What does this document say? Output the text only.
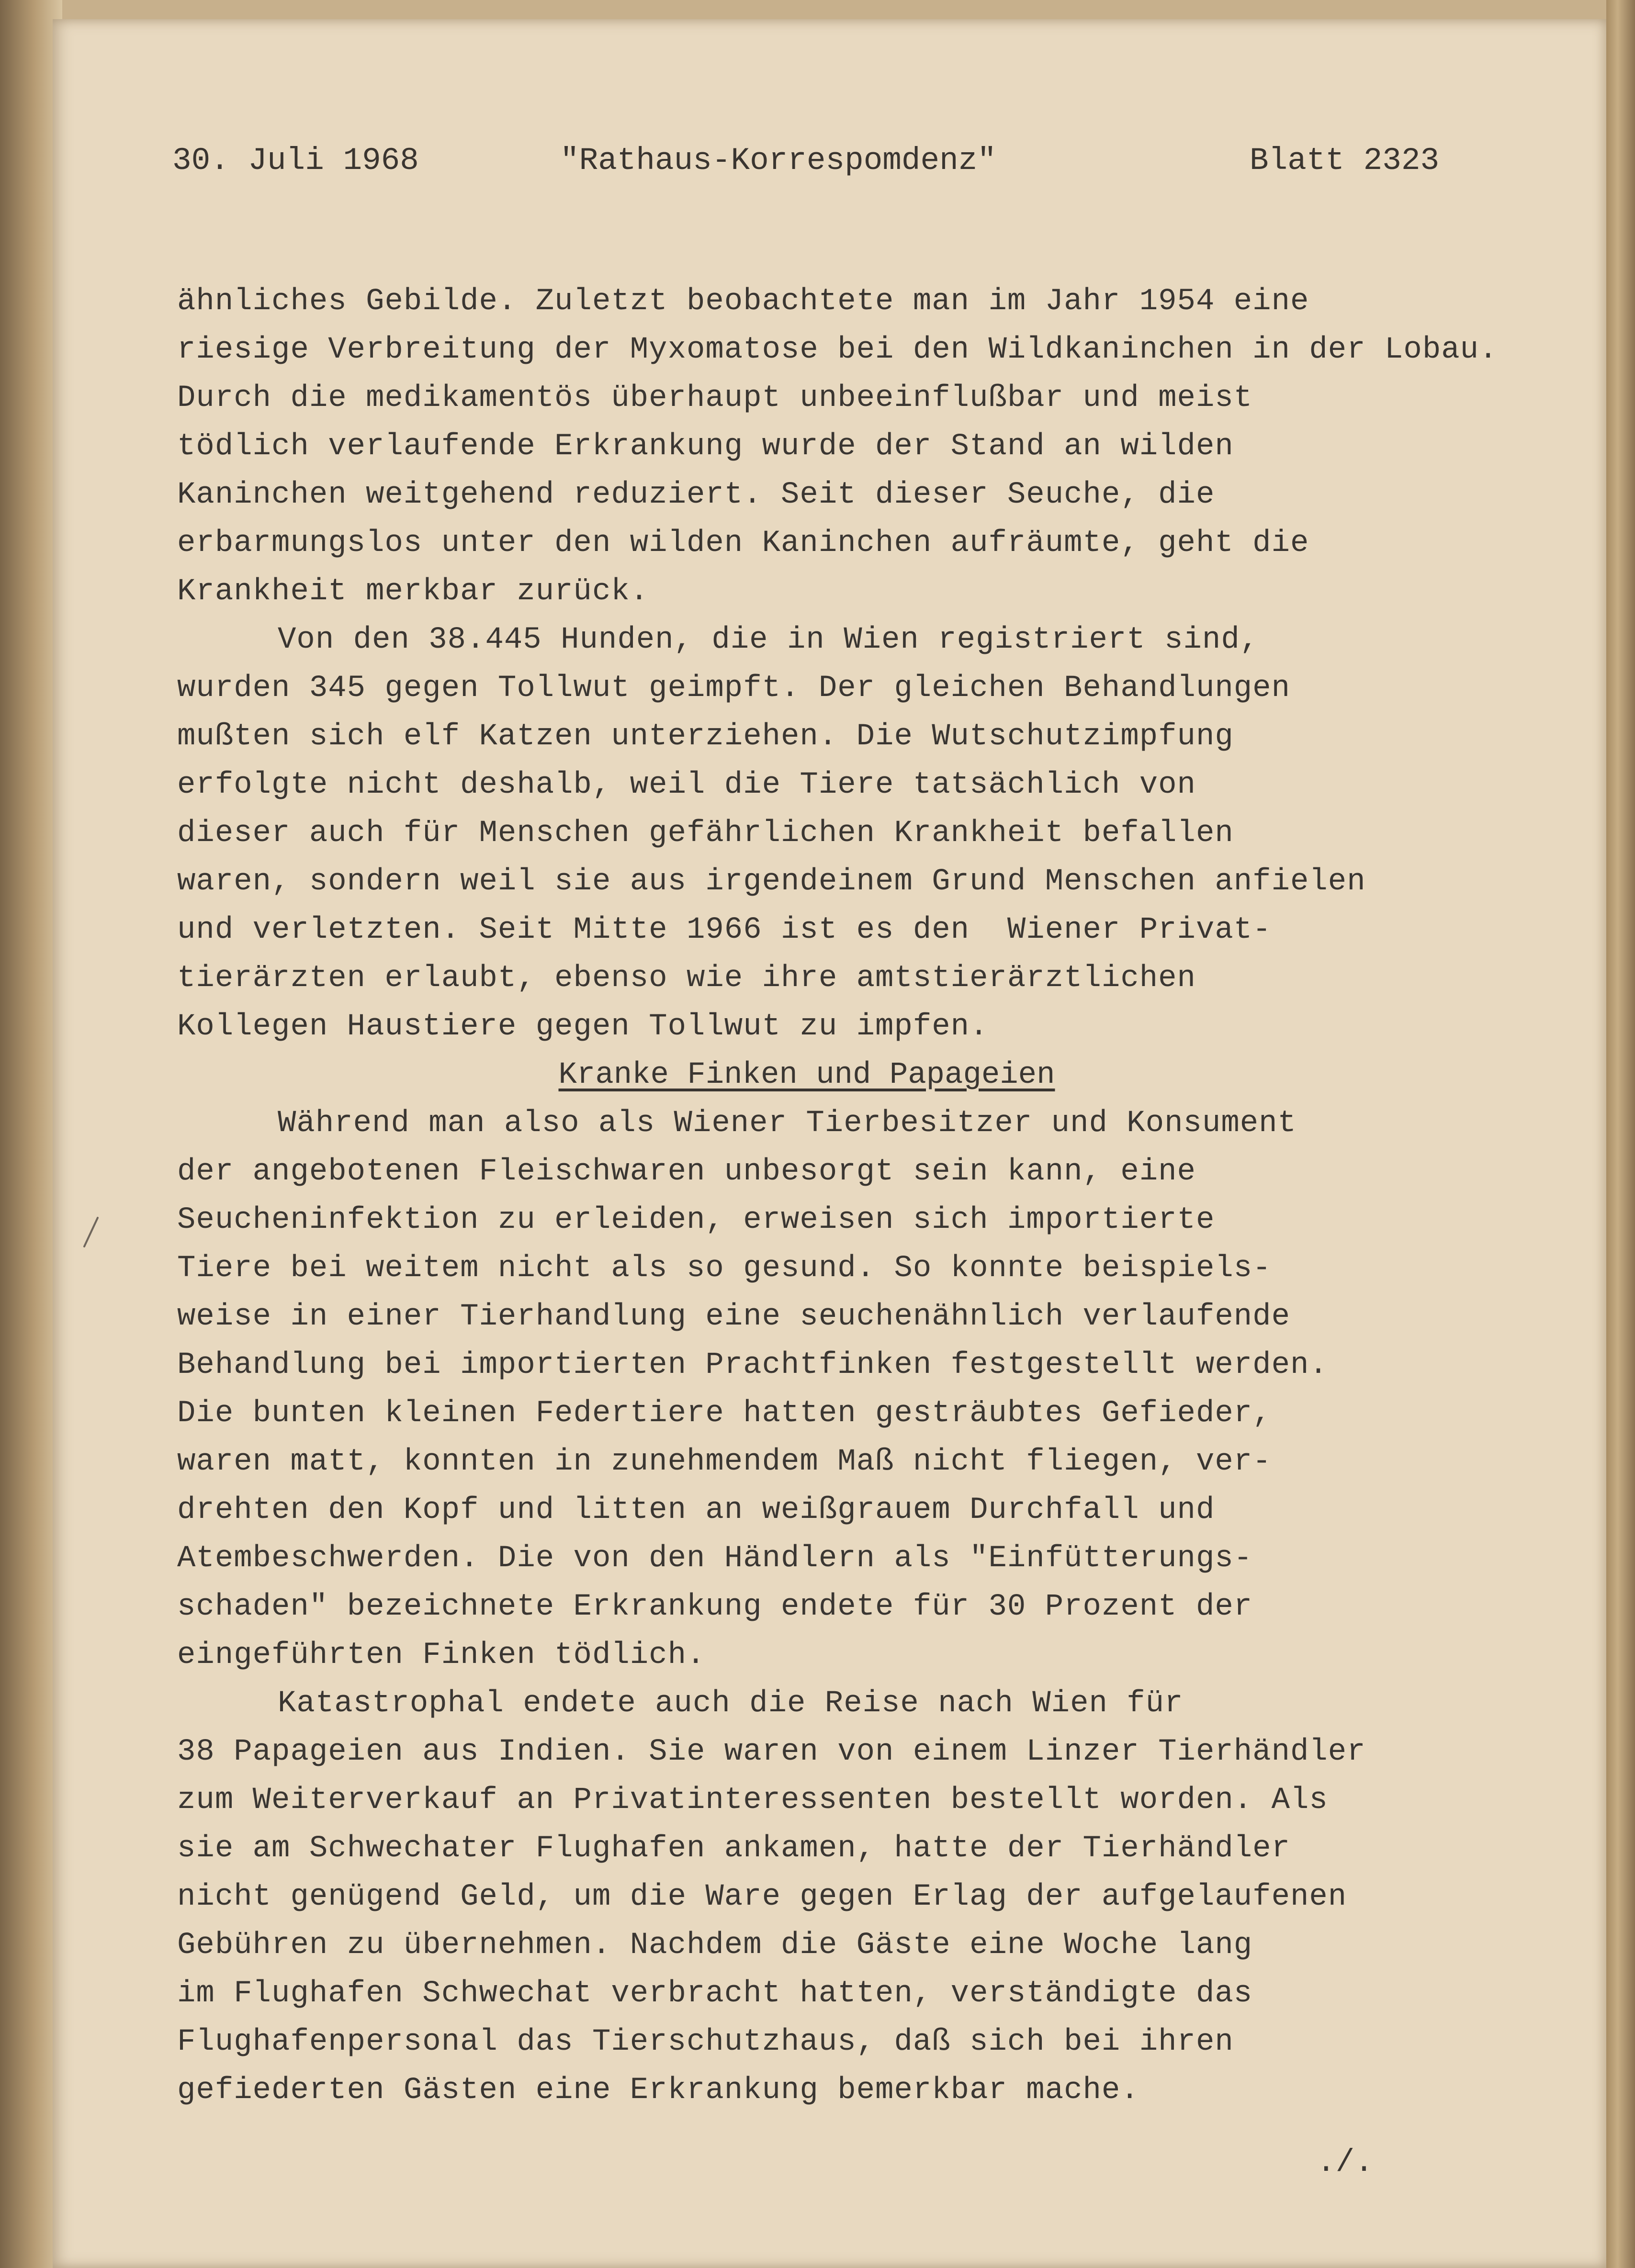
30. Juli 1968	"Rathaus-Korrespomdenz"	Blatt 2323
ähnliches Gebilde. Zuletzt beobachtete man im Jahr 1954 eine
riesige Verbreitung der Myxomatose bei den Wildkaninchen in der Lobau.
Durch die medikamentös überhaupt unbeeinflußbar und meist
tödlich verlaufende Erkrankung wurde der Stand an wilden
Kaninchen weitgehend reduziert. Seit dieser Seuche, die
erbarmungslos unter den wilden Kaninchen aufräumte, geht die
Krankheit merkbar zurück.
Von den 38.445 Hunden, die in Wien registriert sind,
wurden 345 gegen Tollwut geimpft. Der gleichen Behandlungen
mußten sich elf Katzen unterziehen. Die Wutschutzimpfung
erfolgte nicht deshalb, weil die Tiere tatsächlich von
dieser auch für Menschen gefährlichen Krankheit befallen
waren, sondern weil sie aus irgendeinem Grund Menschen anfielen
und verletzten. Seit Mitte 1966 ist es den  Wiener Privat-
tierärzten erlaubt, ebenso wie ihre amtstierärztlichen
Kollegen Haustiere gegen Tollwut zu impfen.
Kranke Finken und Papageien
Während man also als Wiener Tierbesitzer und Konsument
der angebotenen Fleischwaren unbesorgt sein kann, eine
Seucheninfektion zu erleiden, erweisen sich importierte
Tiere bei weitem nicht als so gesund. So konnte beispiels-
weise in einer Tierhandlung eine seuchenähnlich verlaufende
Behandlung bei importierten Prachtfinken festgestellt werden.
Die bunten kleinen Federtiere hatten gesträubtes Gefieder,
waren matt, konnten in zunehmendem Maß nicht fliegen, ver-
drehten den Kopf und litten an weißgrauem Durchfall und
Atembeschwerden. Die von den Händlern als "Einfütterungs-
schaden" bezeichnete Erkrankung endete für 30 Prozent der
eingeführten Finken tödlich.
Katastrophal endete auch die Reise nach Wien für
38 Papageien aus Indien. Sie waren von einem Linzer Tierhändler
zum Weiterverkauf an Privatinteressenten bestellt worden. Als
sie am Schwechater Flughafen ankamen, hatte der Tierhändler
nicht genügend Geld, um die Ware gegen Erlag der aufgelaufenen
Gebühren zu übernehmen. Nachdem die Gäste eine Woche lang
im Flughafen Schwechat verbracht hatten, verständigte das
Flughafenpersonal das Tierschutzhaus, daß sich bei ihren
gefiederten Gästen eine Erkrankung bemerkbar mache.
./.
